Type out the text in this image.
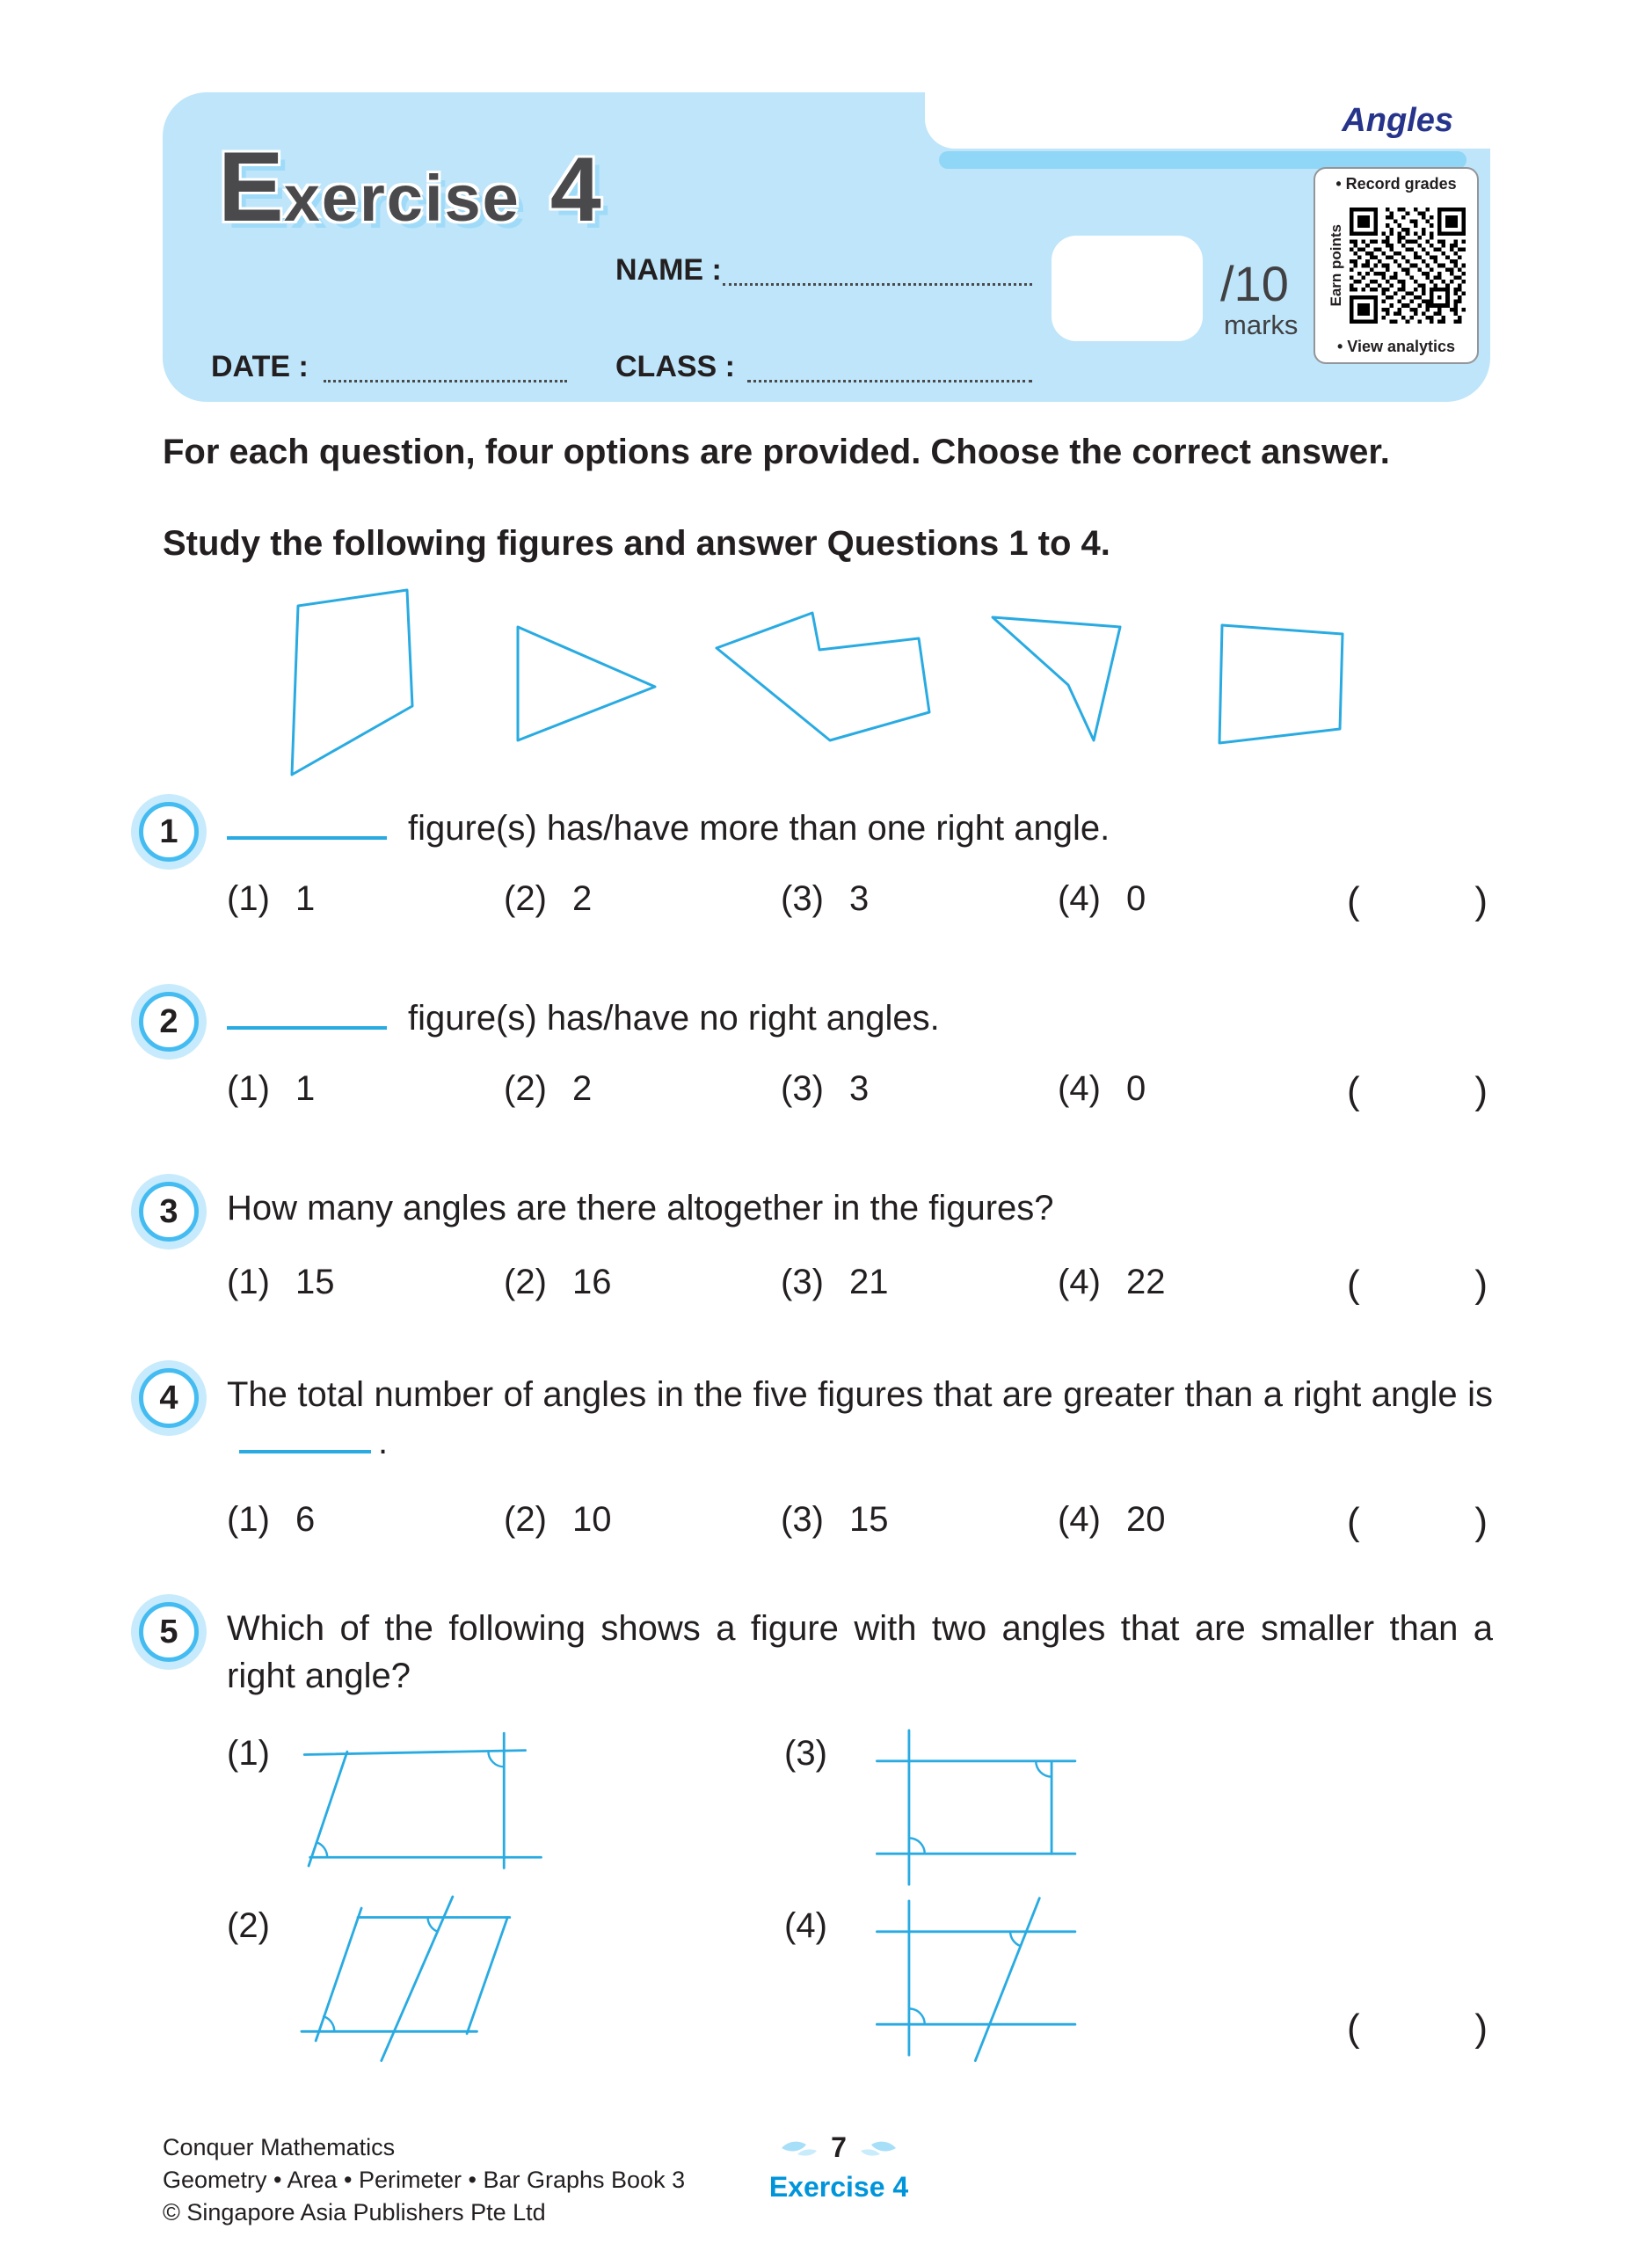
Angles
E xercise 4
NAME :
DATE :	CLASS :
/10
marks
• Record grades
Earn points
• View analytics
For each question, four options are provided. Choose the correct answer.
Study the following figures and answer Questions 1 to 4.
1	figure(s) has/have more than one right angle.
(1) 1	(2) 2	(3) 3	(4) 0	(	)
2	figure(s) has/have no right angles.
(1) 1	(2) 2	(3) 3	(4) 0	(	)
3 How many angles are there altogether in the figures?
(1) 15	(2) 16	(3) 21	(4) 22	(	)
4 The total number of angles in the five figures that are greater than a right angle is.
(1) 6	(2) 10	(3) 15	(4) 20	(	)
5 Which of the following shows a figure with two angles that are smaller than a right angle?
(1)	(3)
(2)	(4)
(	)
Conquer Mathematics
Geometry • Area • Perimeter • Bar Graphs Book 3
© Singapore Asia Publishers Pte Ltd
7
Exercise 4
